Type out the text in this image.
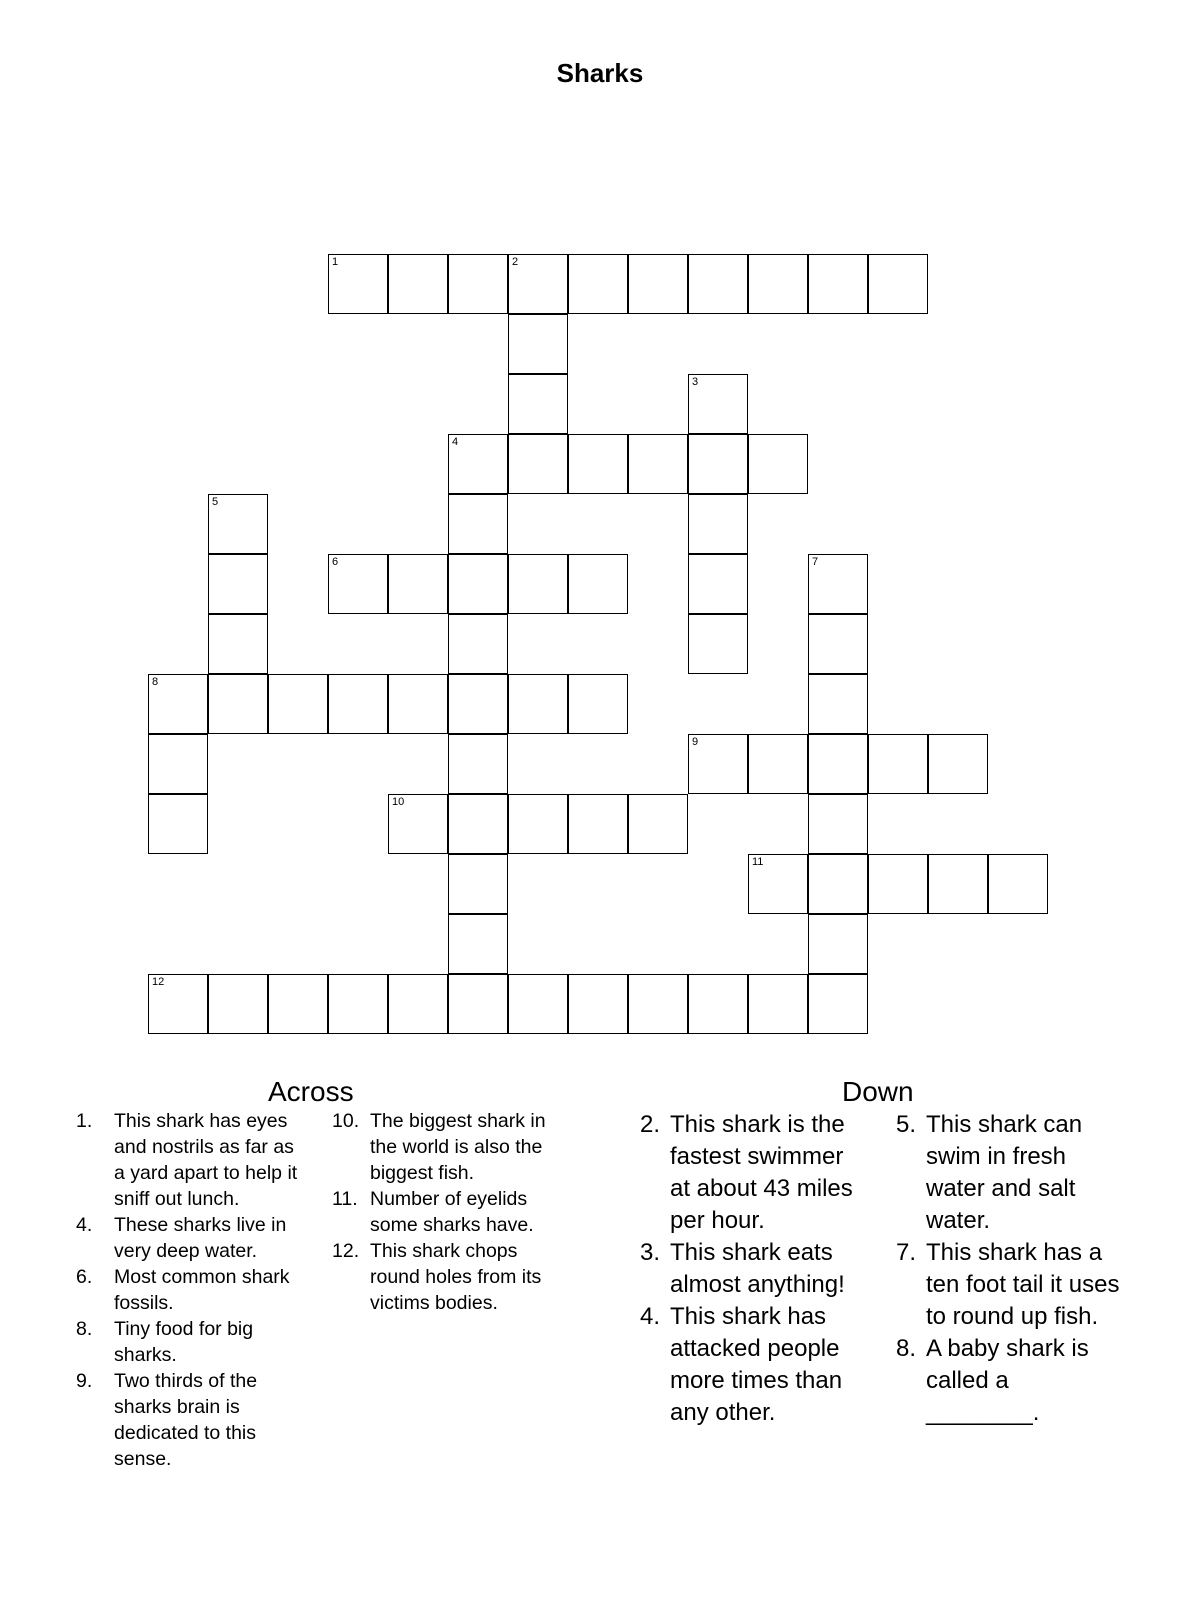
Sharks
1	2
3
4
5
6	7
8
9
10
11
12
Across	Down
1. This shark has eyes and nostrils as far as a yard apart to help it sniff out lunch.
4. These sharks live in very deep water.
6. Most common shark fossils.
8. Tiny food for big sharks.
9. Two thirds of the sharks brain is dedicated to this sense.
10. The biggest shark in the world is also the biggest fish.
11. Number of eyelids some sharks have.
12. This shark chops round holes from its victims bodies.
2. This shark is the fastest swimmer at about 43 miles per hour.
3. This shark eats almost anything!
4. This shark has attacked people more times than any other.
5. This shark can swim in fresh water and salt water.
7. This shark has a ten foot tail it uses to round up fish.
8. A baby shark is called a ________.
